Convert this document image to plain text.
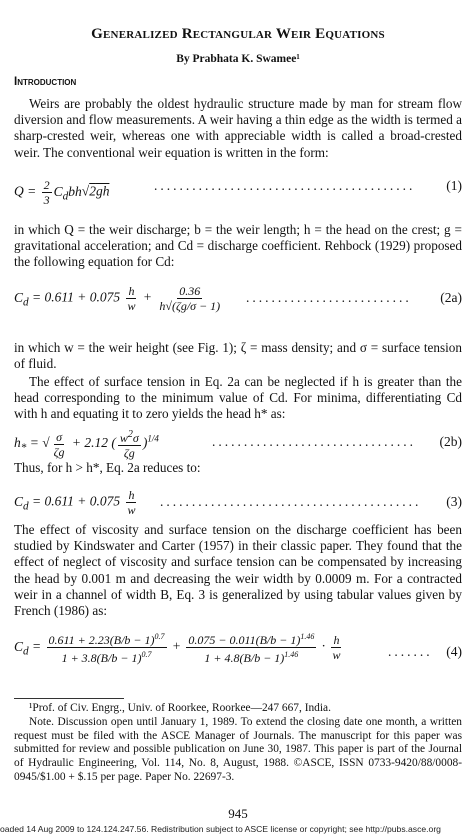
Generalized Rectangular Weir Equations
By Prabhata K. Swamee¹
Introduction

Weirs are probably the oldest hydraulic structure made by man for stream flow diversion and flow measurements. A weir having a thin edge as the width is termed a sharp-crested weir, whereas one with appreciable width is called a broad-crested weir. The conventional weir equation is written in the form:

$Q = \frac{2}{3} C_dbh√2gh$	.........................................	(1)

in which Q = the weir discharge; b = the weir length; h = the head on the crest; g = gravitational acceleration; and Cd = discharge coefficient. Rehbock (1929) proposed the following equation for Cd:

$C_d = 0.611 + 0.075 \frac{h}{w} + \frac{0.36}{h√(\zeta g/\sigma - 1)}$ ..........................	(2a)

in which w = the weir height (see Fig. 1); ζ = mass density; and σ = surface tension of fluid.

The effect of surface tension in Eq. 2a can be neglected if h is greater than the head corresponding to the minimum value of Cd. For minima, differentiating Cd with h and equating it to zero yields the head h* as:

$h_*$ = √ $\frac{\sigma}{\zeta g} + 2.12$ ( $\frac{w^2\sigma}{\zeta g} )^{1/4}$	................................	(2b)

Thus, for h > h*, Eq. 2a reduces to:

$C_d = 0.611 + 0.075 \frac{h}{w}$ .........................................	(3)

The effect of viscosity and surface tension on the discharge coefficient has been studied by Kindswater and Carter (1957) in their classic paper. They found that the effect of neglect of viscosity and surface tension can be compensated by increasing the head by 0.001 m and decreasing the weir width by 0.0009 m. For a contracted weir in a channel of width B, Eq. 3 is generalized by using tabular values given by French (1986) as:

$C_d = \frac{0.611 + 2.23(B/b - 1)^{0.7}}{1 + 3.8(B/b - 1)^{0.7}} + \frac{0.075 - 0.011(B/b - 1)^{1.46}}{1 + 4.8(B/b - 1)^{1.46}} \cdot \frac{h}{w}$	.......	(4)

¹Prof. of Civ. Engrg., Univ. of Roorkee, Roorkee—247 667, India.

Note. Discussion open until January 1, 1989. To extend the closing date one month, a written request must be filed with the ASCE Manager of Journals. The manuscript for this paper was submitted for review and possible publication on June 30, 1987. This paper is part of the Journal of Hydraulic Engineering, Vol. 114, No. 8, August, 1988. ©ASCE, ISSN 0733-9420/88/0008-0945/$1.00 + $.15 per page. Paper No. 22697-3.

945
oaded 14 Aug 2009 to 124.124.247.56. Redistribution subject to ASCE license or copyright; see http://pubs.asce.org
